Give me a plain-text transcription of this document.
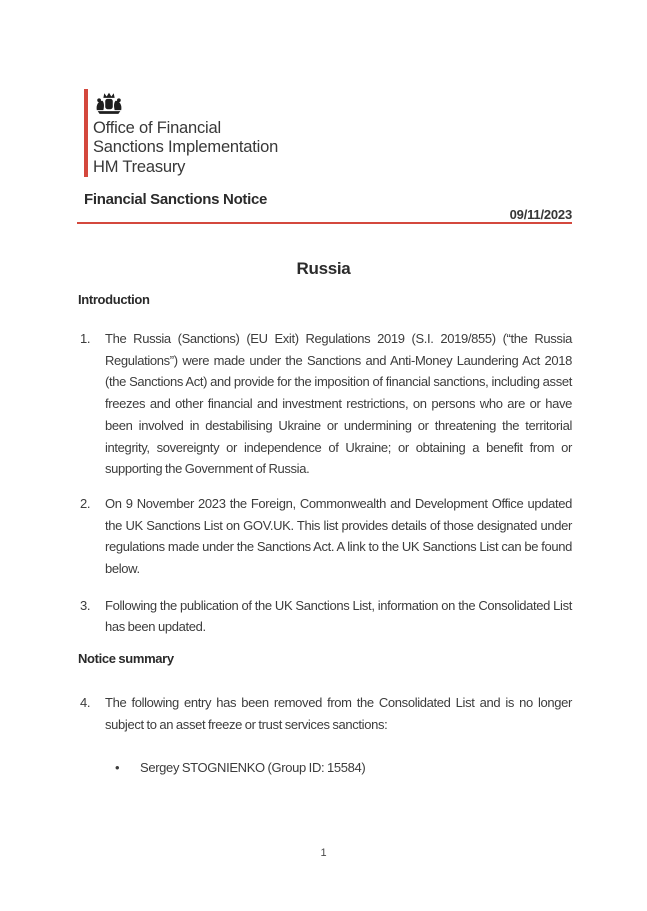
Office of Financial
Sanctions Implementation
HM Treasury
Financial Sanctions Notice
09/11/2023
Russia
Introduction
1. The Russia (Sanctions) (EU Exit) Regulations 2019 (S.I. 2019/855) (“the Russia Regulations”) were made under the Sanctions and Anti-Money Laundering Act 2018 (the Sanctions Act) and provide for the imposition of financial sanctions, including asset freezes and other financial and investment restrictions, on persons who are or have been involved in destabilising Ukraine or undermining or threatening the territorial integrity, sovereignty or independence of Ukraine; or obtaining a benefit from or supporting the Government of Russia.
2. On 9 November 2023 the Foreign, Commonwealth and Development Office updated the UK Sanctions List on GOV.UK. This list provides details of those designated under regulations made under the Sanctions Act. A link to the UK Sanctions List can be found below.
3. Following the publication of the UK Sanctions List, information on the Consolidated List has been updated.
Notice summary
4. The following entry has been removed from the Consolidated List and is no longer subject to an asset freeze or trust services sanctions:
• Sergey STOGNIENKO (Group ID: 15584)
1
